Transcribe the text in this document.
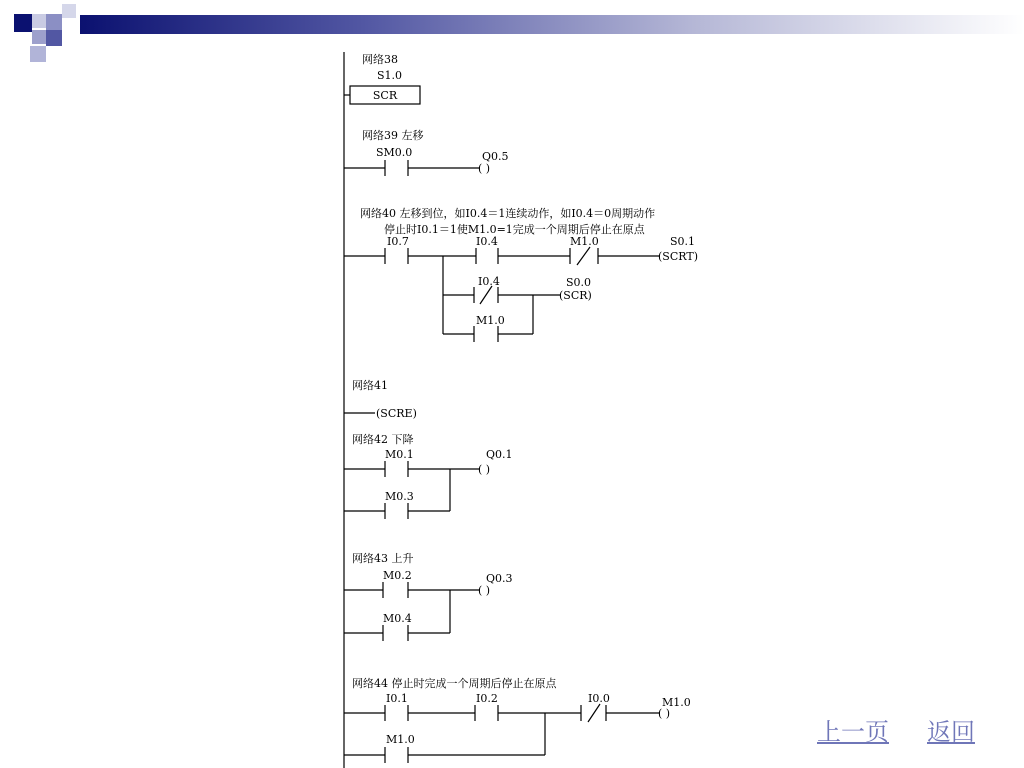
网络38
S1.0
SCR
网络39 左移
SM0.0	Q0.5
( )
网络40 左移到位，如I0.4＝1连续动作，如I0.4＝0周期动作
停止时I0.1＝1使M1.0=1完成一个周期后停止在原点
I0.7	I0.4	M1.0	S0.1
(SCRT)
I0.4	S0.0
(SCR)
M1.0
网络41
(SCRE)
网络42 下降
M0.1	Q0.1
( )
M0.3
网络43 上升
M0.2	Q0.3
( )
M0.4
网络44 停止时完成一个周期后停止在原点
I0.1	I0.2	I0.0	M1.0
( )
M1.0	上一页 返回
